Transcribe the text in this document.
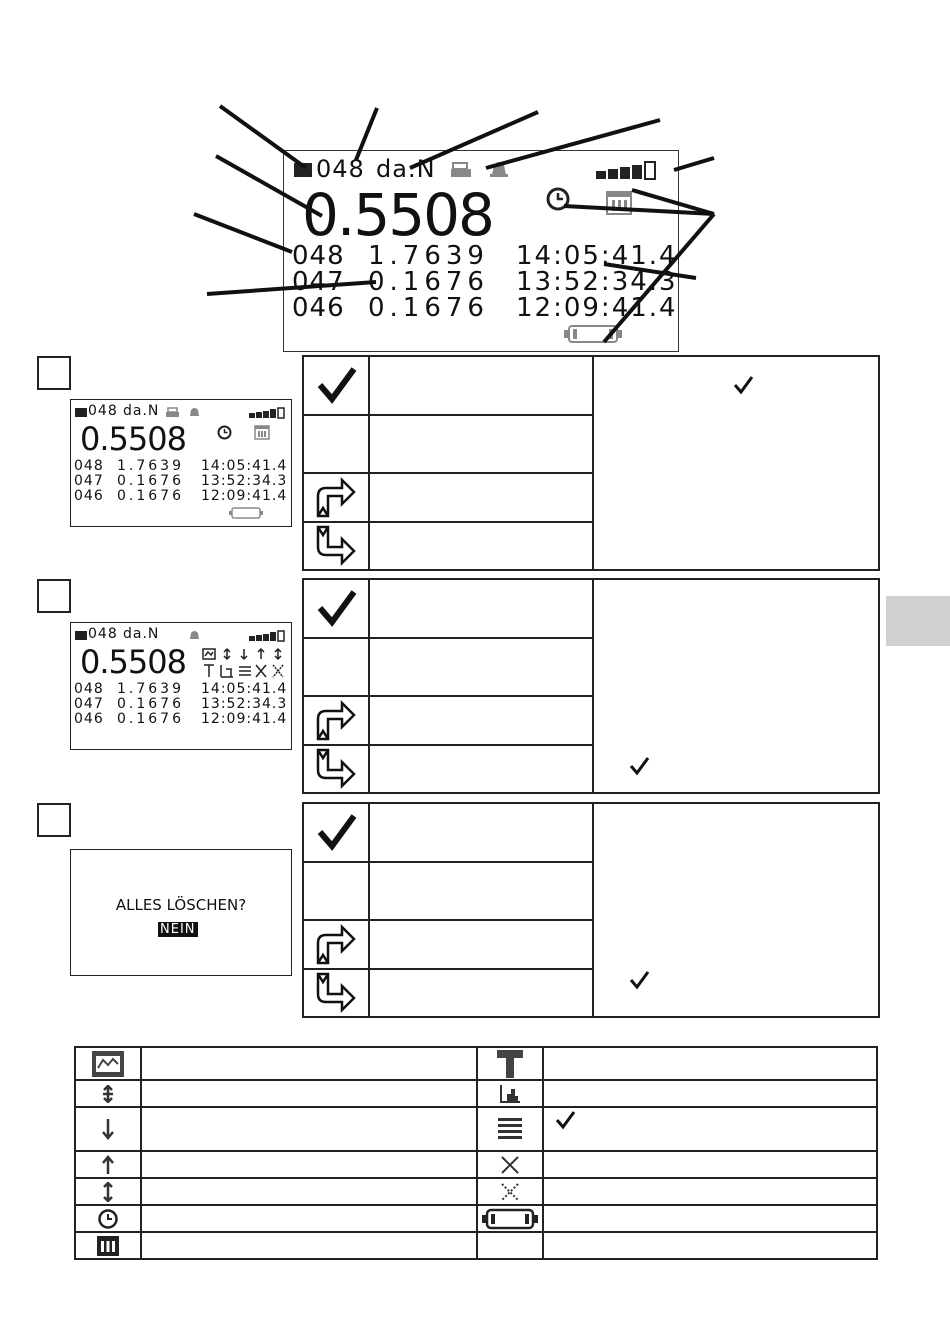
048 da.N
0.5508
048 1.7639 14:05:41.4
047 0.1676 13:52:34.3
046 0.1676 12:09:41.4
048 da.N
0.5508
048 1.7639 14:05:41.4
047 0.1676 13:52:34.3
046 0.1676 12:09:41.4

048 da.N
0.5508
048 1.7639 14:05:41.4
047 0.1676 13:52:34.3
046 0.1676 12:09:41.4

ALLES LÖSCHEN?
NEIN
